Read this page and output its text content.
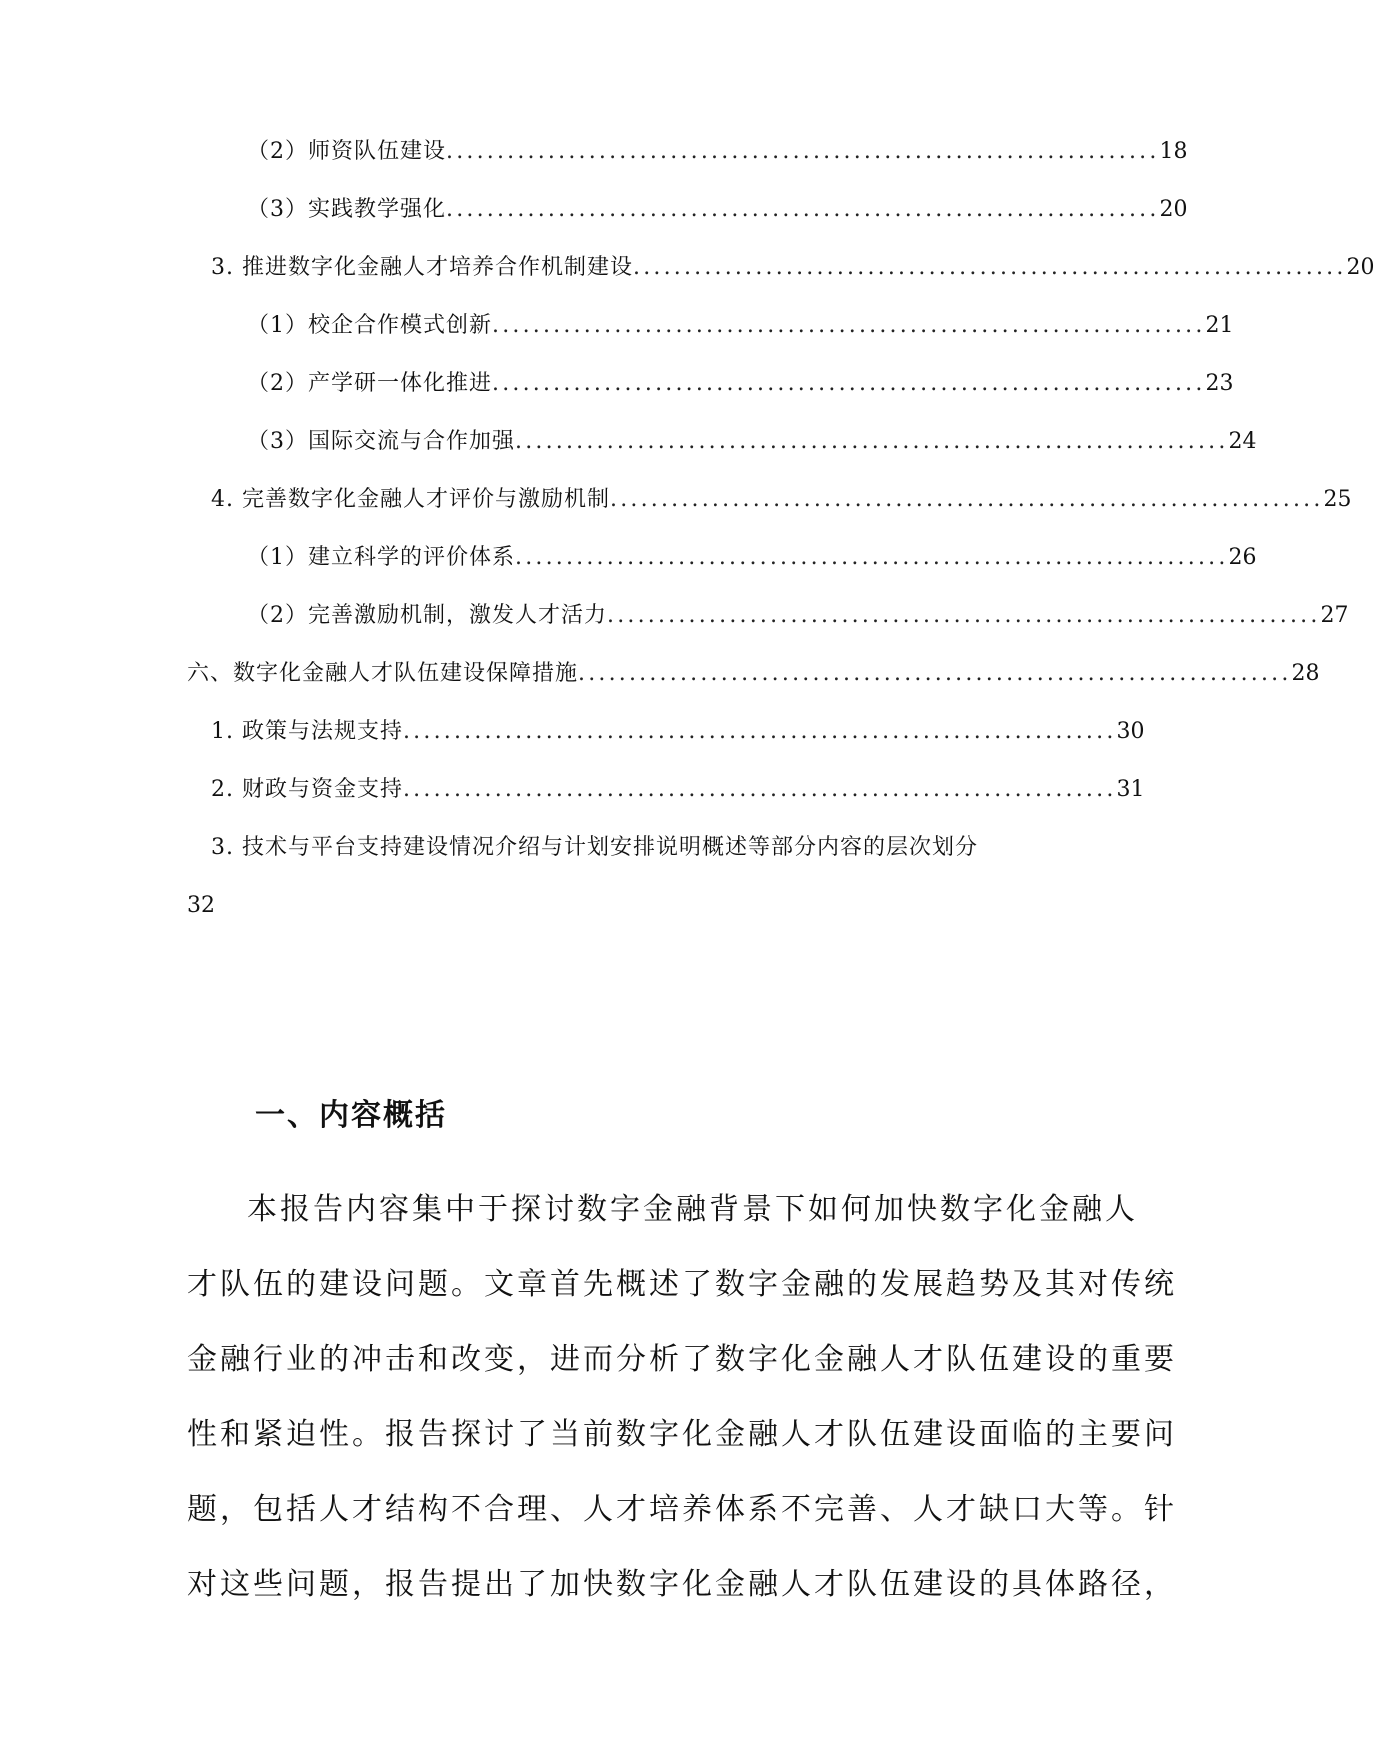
（2）师资队伍建设 ...................................................................... 18
（3）实践教学强化 ...................................................................... 20
3. 推进数字化金融人才培养合作机制建设 ...................................................................... 20
（1）校企合作模式创新 ...................................................................... 21
（2）产学研一体化推进 ...................................................................... 23
（3）国际交流与合作加强 ...................................................................... 24
4. 完善数字化金融人才评价与激励机制 ...................................................................... 25
（1）建立科学的评价体系 ...................................................................... 26
（2）完善激励机制，激发人才活力 ...................................................................... 27
六、数字化金融人才队伍建设保障措施 ...................................................................... 28
1. 政策与法规支持 ...................................................................... 30
2. 财政与资金支持 ...................................................................... 31
3. 技术与平台支持建设情况介绍与计划安排说明概述等部分内容的层次划分
32
一、内容概括
本报告内容集中于探讨数字金融背景下如何加快数字化金融人
才队伍的建设问题。文章首先概述了数字金融的发展趋势及其对传统
金融行业的冲击和改变，进而分析了数字化金融人才队伍建设的重要
性和紧迫性。报告探讨了当前数字化金融人才队伍建设面临的主要问
题，包括人才结构不合理、人才培养体系不完善、人才缺口大等。针
对这些问题，报告提出了加快数字化金融人才队伍建设的具体路径，
